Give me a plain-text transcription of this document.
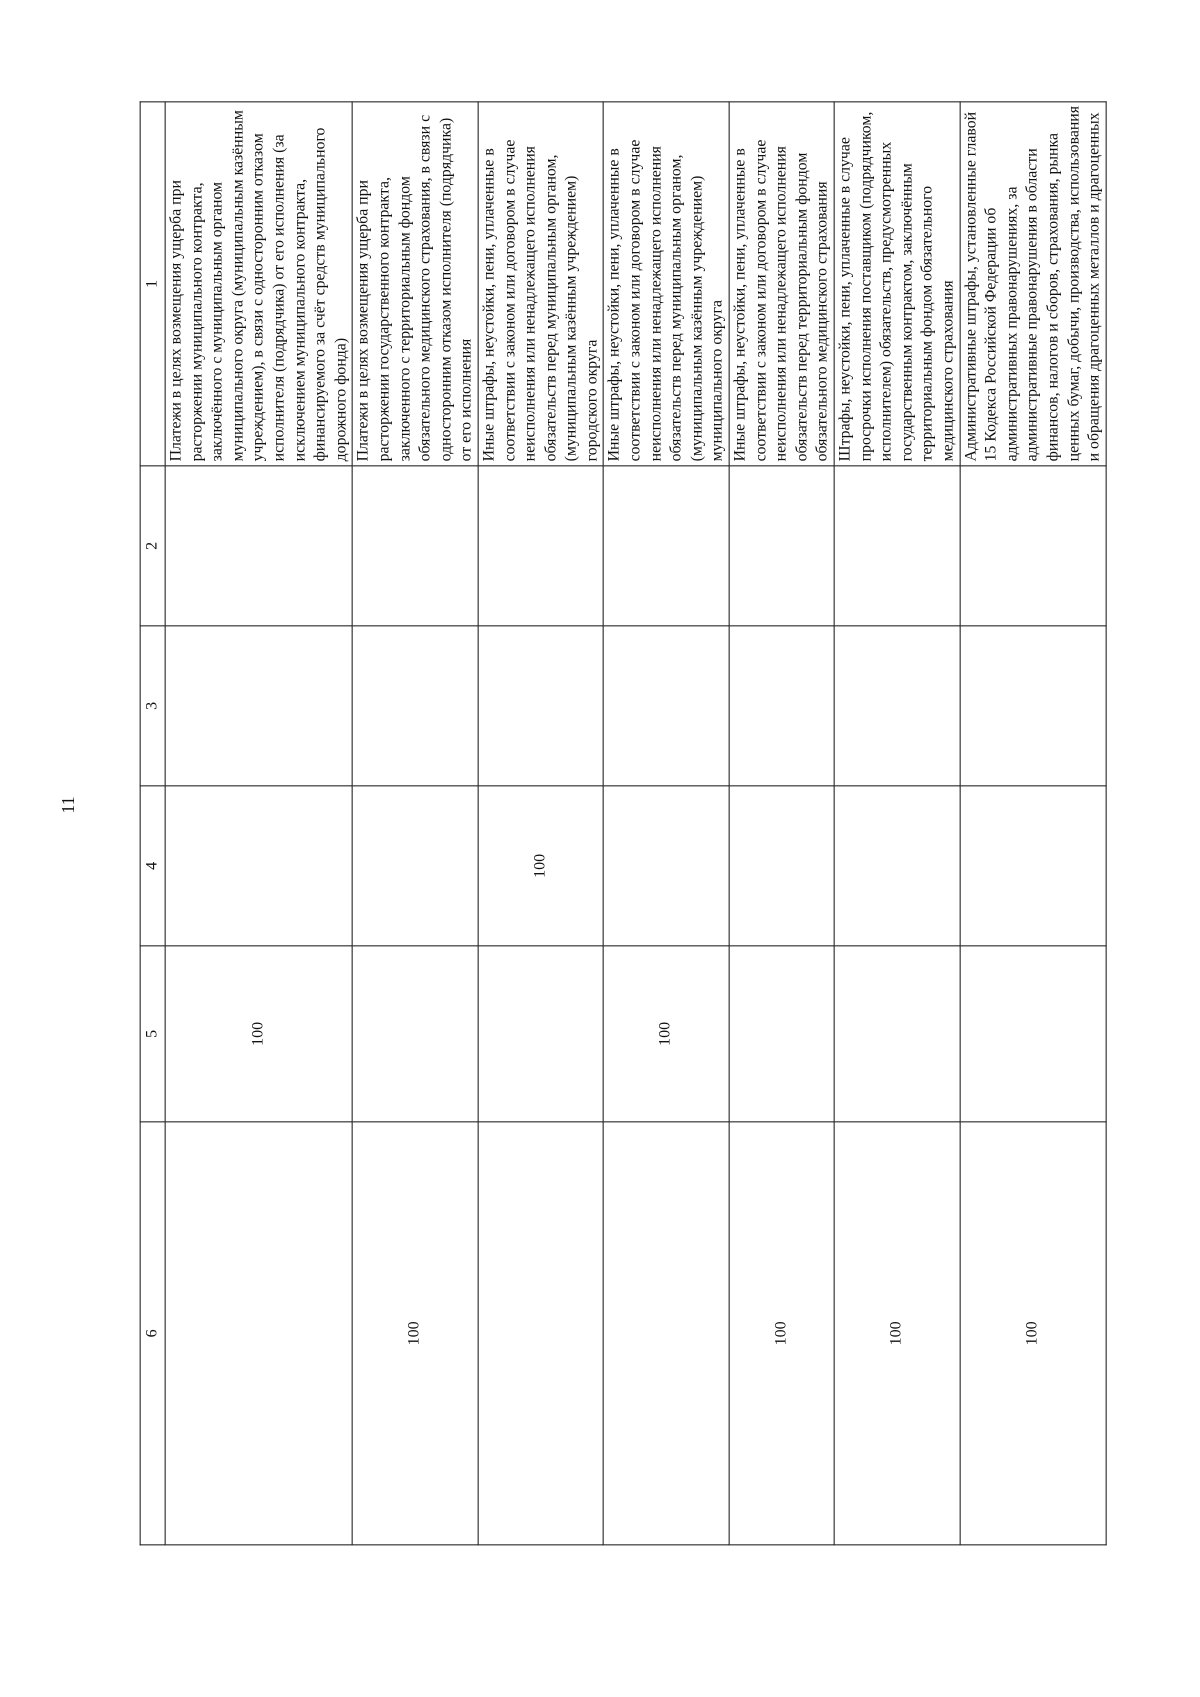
11
6	5	4	3	2	1
	100				Платежи в целях возмещения ущерба при расторжении муниципального контракта, заключённого с муниципальным органом муниципального округа (муниципальным казённым учреждением), в связи с односторонним отказом исполнителя (подрядчика) от его исполнения (за исключением муниципального контракта, финансируемого за счёт средств муниципального дорожного фонда)
100					Платежи в целях возмещения ущерба при расторжении государственного контракта, заключенного с территориальным фондом обязательного медицинского страхования, в связи с односторонним отказом исполнителя (подрядчика) от его исполнения
		100			Иные штрафы, неустойки, пени, уплаченные в соответствии с законом или договором в случае неисполнения или ненадлежащего исполнения обязательств перед муниципальным органом, (муниципальным казённым учреждением) городского округа
	100				Иные штрафы, неустойки, пени, уплаченные в соответствии с законом или договором в случае неисполнения или ненадлежащего исполнения обязательств перед муниципальным органом, (муниципальным казённым учреждением) муниципального округа
100					Иные штрафы, неустойки, пени, уплаченные в соответствии с законом или договором в случае неисполнения или ненадлежащего исполнения обязательств перед территориальным фондом обязательного медицинского страхования
100					Штрафы, неустойки, пени, уплаченные в случае просрочки исполнения поставщиком (подрядчиком, исполнителем) обязательств, предусмотренных государственным контрактом, заключённым территориальным фондом обязательного медицинского страхования
100					Административные штрафы, установленные главой 15 Кодекса Российской Федерации об административных правонарушениях, за административные правонарушения в области финансов, налогов и сборов, страхования, рынка ценных бумаг, добычи, производства, использования и обращения драгоценных металлов и драгоценных
